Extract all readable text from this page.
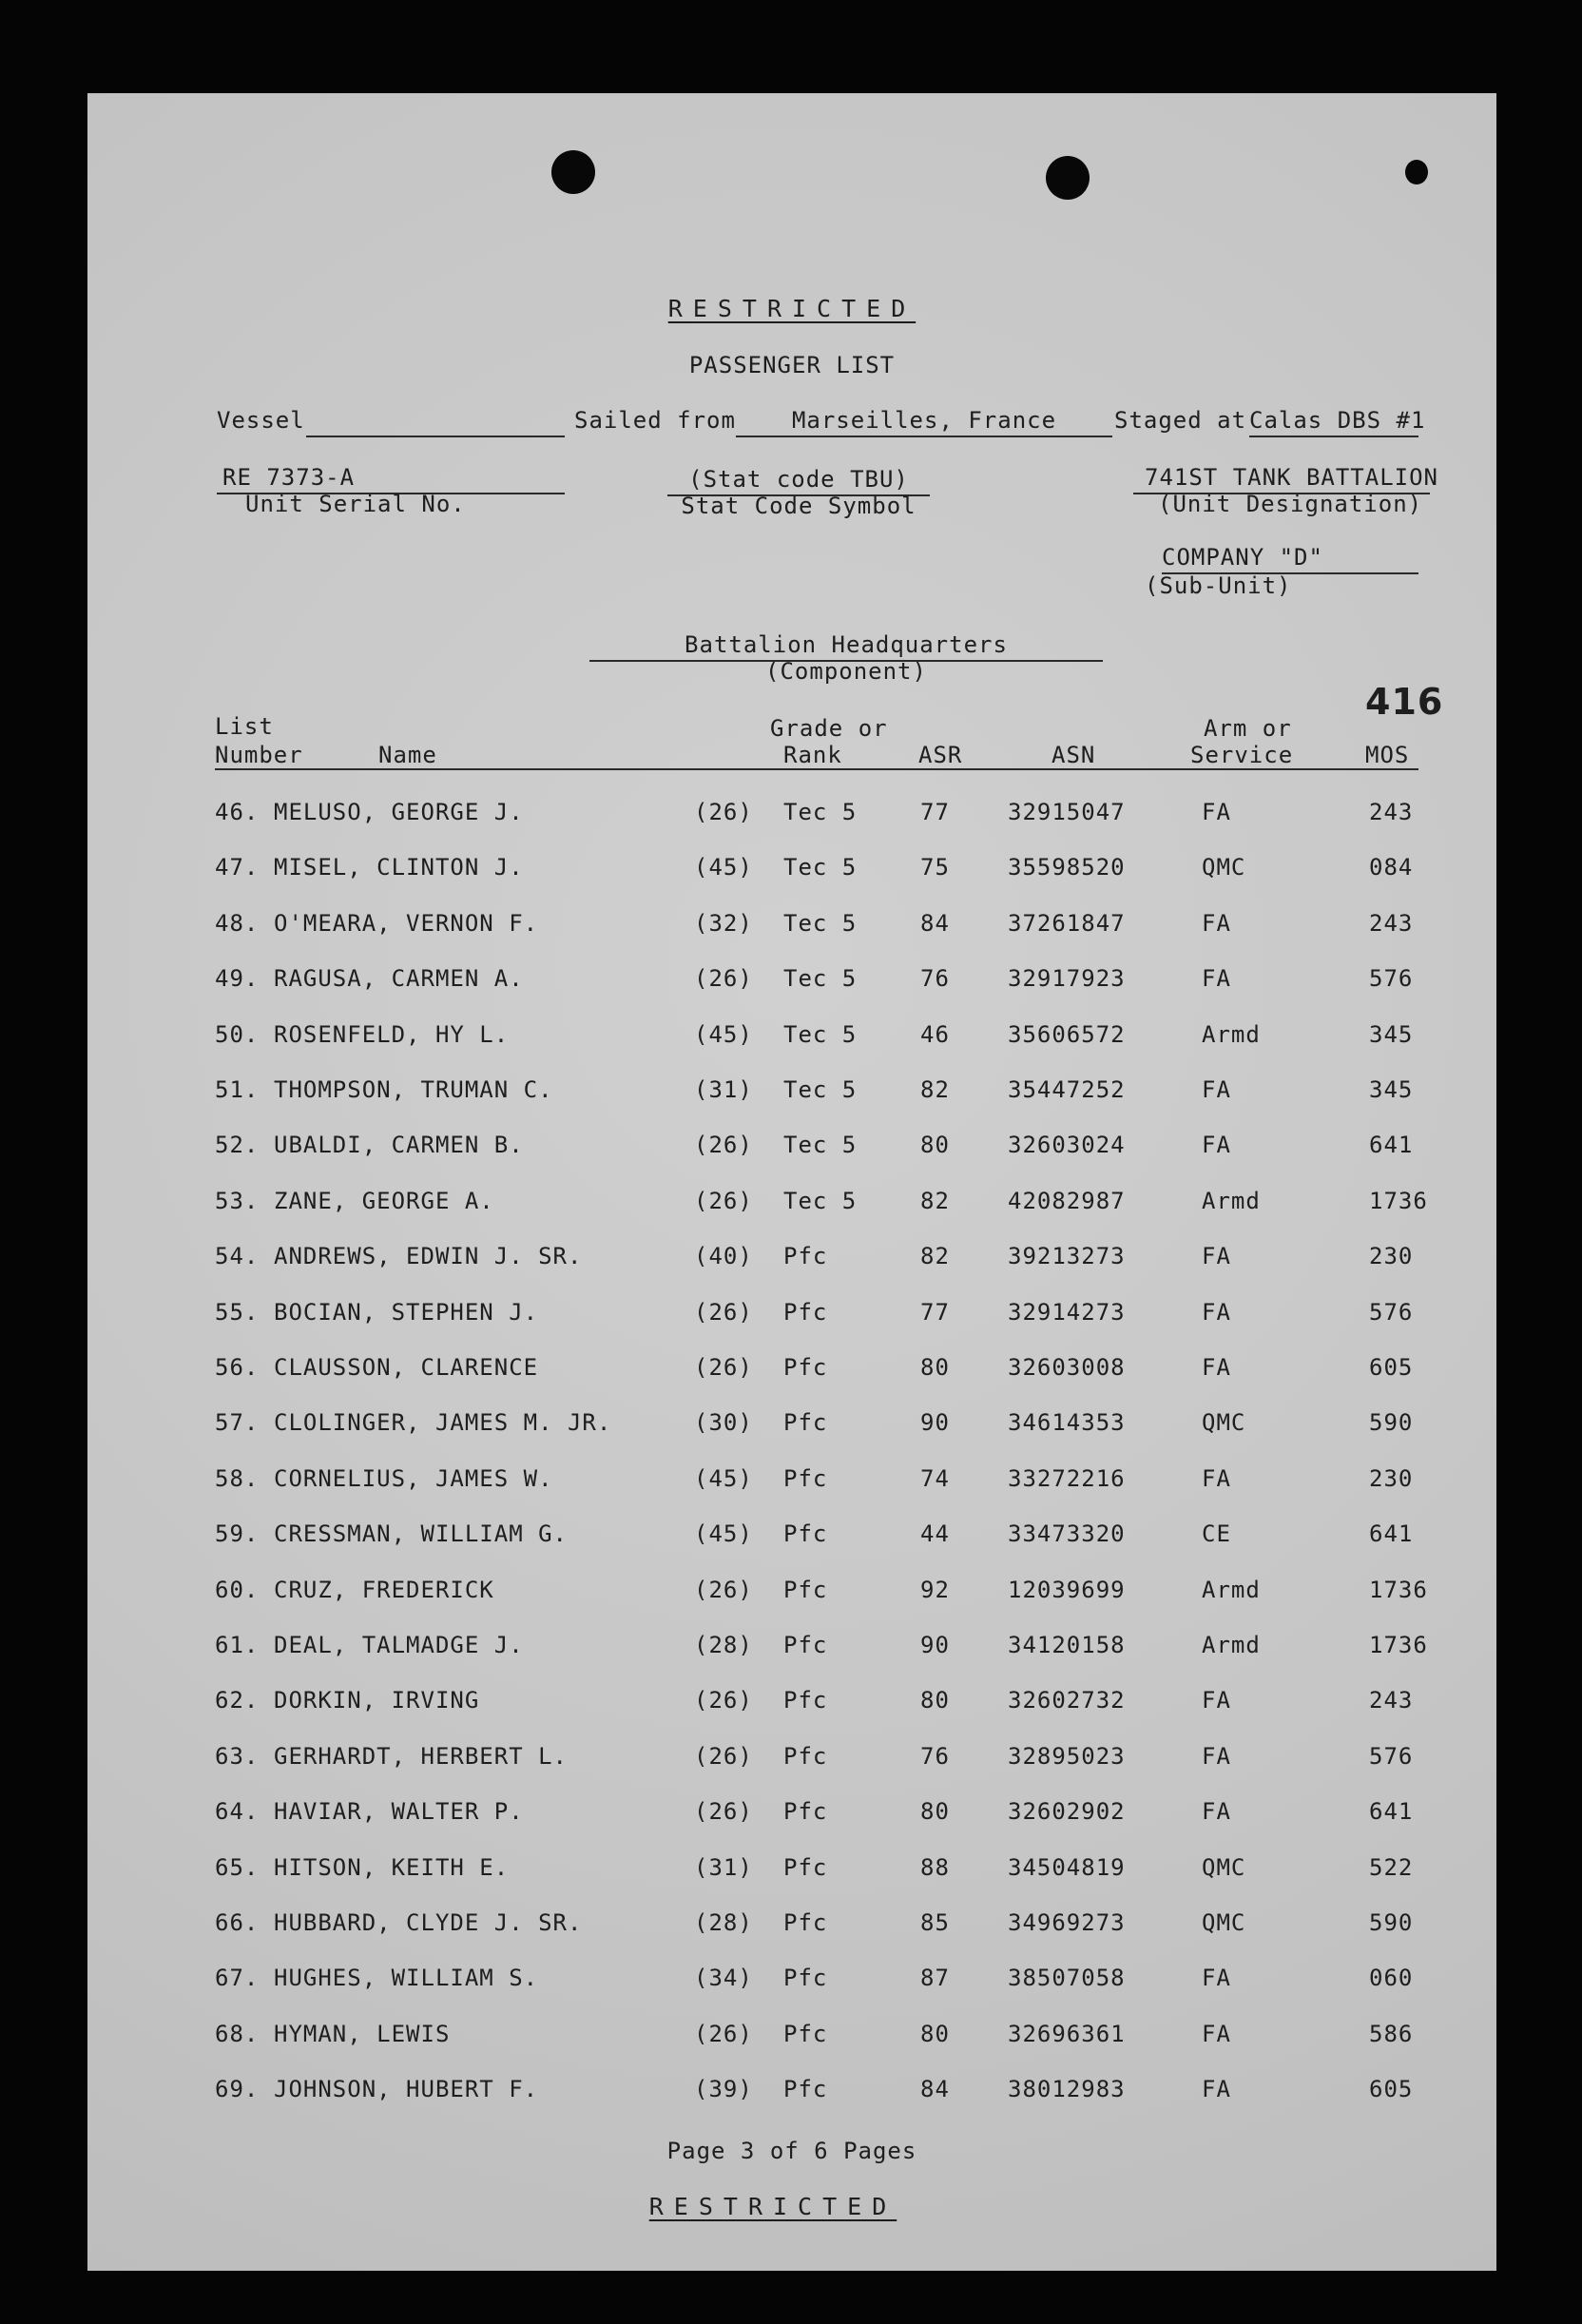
RESTRICTED
PASSENGER LIST
Vessel	Sailed from	Marseilles, France	Staged at Calas DBS #1
RE 7373-A
Unit Serial No.
(Stat code TBU)
Stat Code Symbol
741ST TANK BATTALION
(Unit Designation)
COMPANY "D"
(Sub-Unit)
Battalion Headquarters
(Component)
416
List
Number	Name
Grade or
Rank	ASR	ASN
Arm or
Service	MOS
46. MELUSO, GEORGE J.	(26) Tec 5	77	32915047	FA	243
47. MISEL, CLINTON J.	(45) Tec 5	75	35598520	QMC	084
48. O'MEARA, VERNON F.	(32) Tec 5	84	37261847	FA	243
49. RAGUSA, CARMEN A.	(26) Tec 5	76	32917923	FA	576
50. ROSENFELD, HY L.	(45) Tec 5	46	35606572	Armd	345
51. THOMPSON, TRUMAN C.	(31) Tec 5	82	35447252	FA	345
52. UBALDI, CARMEN B.	(26) Tec 5	80	32603024	FA	641
53. ZANE, GEORGE A.	(26) Tec 5	82	42082987	Armd	1736
54. ANDREWS, EDWIN J. SR.	(40) Pfc	82	39213273	FA	230
55. BOCIAN, STEPHEN J.	(26) Pfc	77	32914273	FA	576
56. CLAUSSON, CLARENCE	(26) Pfc	80	32603008	FA	605
57. CLOLINGER, JAMES M. JR.	(30) Pfc	90	34614353	QMC	590
58. CORNELIUS, JAMES W.	(45) Pfc	74	33272216	FA	230
59. CRESSMAN, WILLIAM G.	(45) Pfc	44	33473320	CE	641
60. CRUZ, FREDERICK	(26) Pfc	92	12039699	Armd	1736
61. DEAL, TALMADGE J.	(28) Pfc	90	34120158	Armd	1736
62. DORKIN, IRVING	(26) Pfc	80	32602732	FA	243
63. GERHARDT, HERBERT L.	(26) Pfc	76	32895023	FA	576
64. HAVIAR, WALTER P.	(26) Pfc	80	32602902	FA	641
65. HITSON, KEITH E.	(31) Pfc	88	34504819	QMC	522
66. HUBBARD, CLYDE J. SR.	(28) Pfc	85	34969273	QMC	590
67. HUGHES, WILLIAM S.	(34) Pfc	87	38507058	FA	060
68. HYMAN, LEWIS	(26) Pfc	80	32696361	FA	586
69. JOHNSON, HUBERT F.	(39) Pfc	84	38012983	FA	605
Page 3 of 6 Pages
RESTRICTED
